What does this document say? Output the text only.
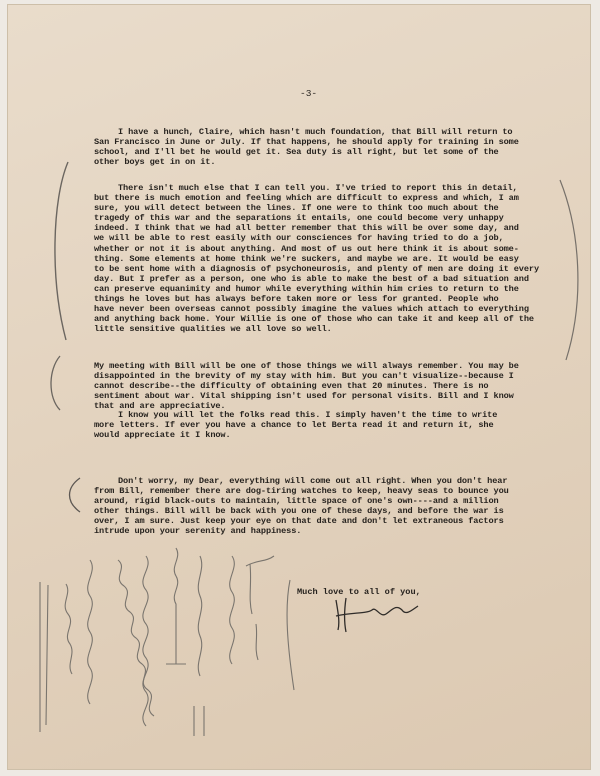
-3-
I have a hunch, Claire, which hasn't much foundation, that Bill will return to
San Francisco in June or July. If that happens, he should apply for training in some
school, and I'll bet he would get it. Sea duty is all right, but let some of the
other boys get in on it.
There isn't much else that I can tell you. I've tried to report this in detail,
but there is much emotion and feeling which are difficult to express and which, I am
sure, you will detect between the lines. If one were to think too much about the
tragedy of this war and the separations it entails, one could become very unhappy
indeed. I think that we had all better remember that this will be over some day, and
we will be able to rest easily with our consciences for having tried to do a job,
whether or not it is about anything. And most of us out here think it is about some-
thing. Some elements at home think we're suckers, and maybe we are. It would be easy
to be sent home with a diagnosis of psychoneurosis, and plenty of men are doing it every
day. But I prefer as a person, one who is able to make the best of a bad situation and
can preserve equanimity and humor while everything within him cries to return to the
things he loves but has always before taken more or less for granted. People who
have never been overseas cannot possibly imagine the values which attach to everything
and anything back home. Your Willie is one of those who can take it and keep all of the
little sensitive qualities we all love so well.
My meeting with Bill will be one of those things we will always remember. You may be
disappointed in the brevity of my stay with him. But you can't visualize--because I
cannot describe--the difficulty of obtaining even that 20 minutes. There is no
sentiment about war. Vital shipping isn't used for personal visits. Bill and I know
that and are appreciative.
I know you will let the folks read this. I simply haven't the time to write
more letters. If ever you have a chance to let Berta read it and return it, she
would appreciate it I know.
Don't worry, my Dear, everything will come out all right. When you don't hear
from Bill, remember there are dog-tiring watches to keep, heavy seas to bounce you
around, rigid black-outs to maintain, little space of one's own----and a million
other things. Bill will be back with you one of these days, and before the war is
over, I am sure. Just keep your eye on that date and don't let extraneous factors
intrude upon your serenity and happiness.
Much love to all of you,
